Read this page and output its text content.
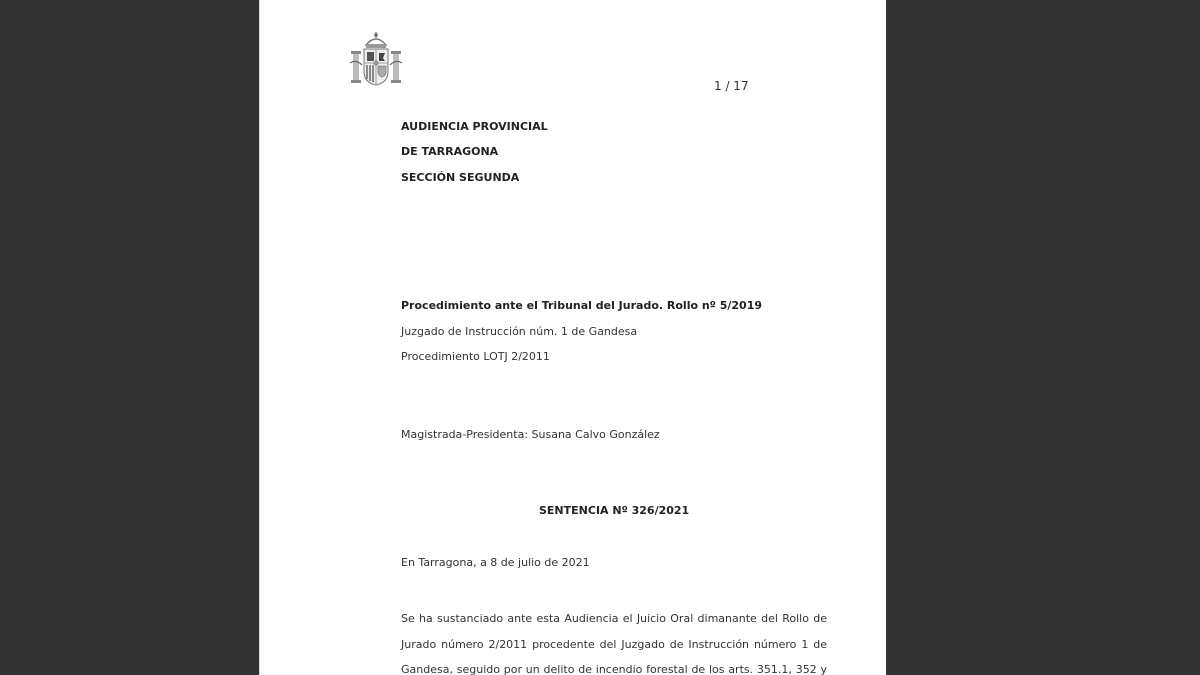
1 / 17
AUDIENCIA PROVINCIAL
DE TARRAGONA
SECCIÓN SEGUNDA
Procedimiento ante el Tribunal del Jurado. Rollo nº 5/2019
Juzgado de Instrucción núm. 1 de Gandesa
Procedimiento LOTJ 2/2011
Magistrada-Presidenta: Susana Calvo González
SENTENCIA Nº 326/2021
En Tarragona, a 8 de julio de 2021
Se ha sustanciado ante esta Audiencia el Juicio Oral dimanante del Rollo de
Jurado número 2/2011 procedente del Juzgado de Instrucción número 1 de
Gandesa, seguido por un delito de incendio forestal de los arts. 351.1, 352 y
